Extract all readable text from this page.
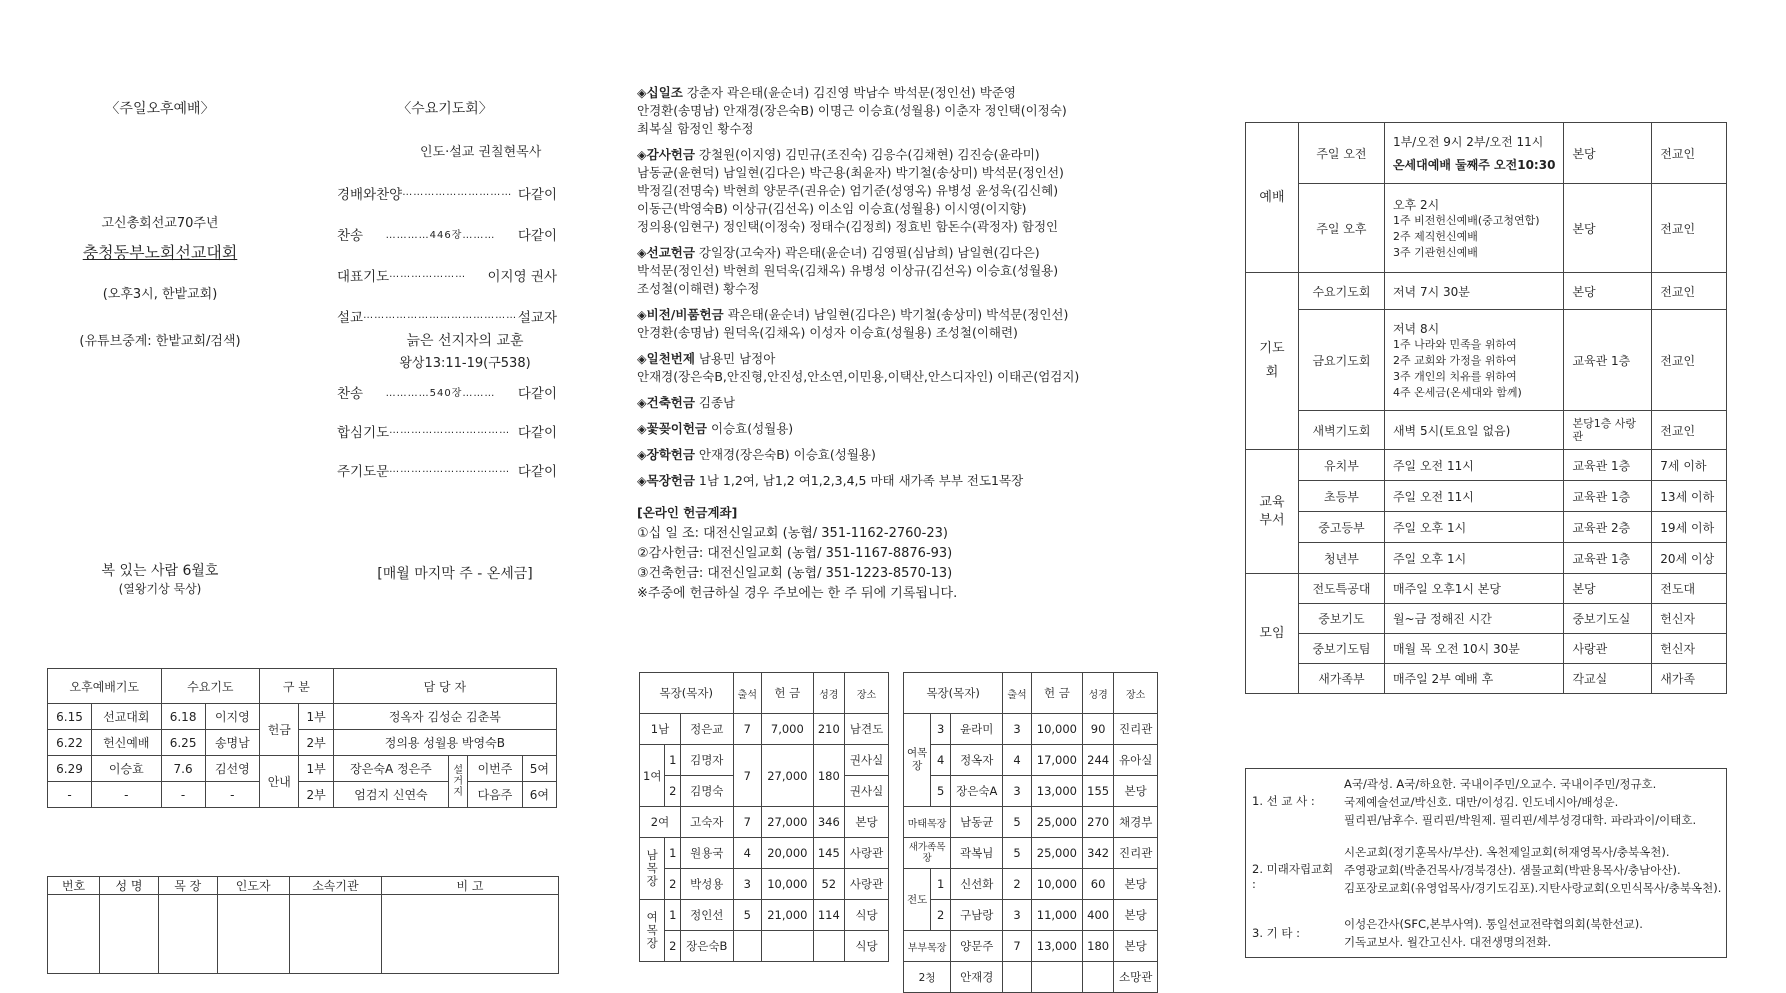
〈주일오후예배〉
고신총회선교70주년
충청동부노회선교대회
(오후3시, 한밭교회)
(유튜브중계: 한밭교회/검색)
복 있는 사람 6월호
(열왕기상 묵상)
〈수요기도회〉
인도·설교 권칠현목사
경배와찬양 ………………………… 다같이
찬송	…………446장………	다같이
대표기도 …………………	이지영 권사
설교 …………………………………… 설교자
늙은 선지자의 교훈
왕상13:11-19(구538)
찬송	…………540장………	다같이
합심기도 …………………………… 다같이
주기도문 …………………………… 다같이
[매월 마지막 주 - 온세금]

◈십일조 강춘자 곽은태(윤순녀) 김진영 박남수 박석문(정인선) 박준영

안경환(송명남) 안재경(장은숙B) 이명근 이승효(성월용) 이춘자 정인택(이정숙)

최복실 함정인 황수정

◈감사헌금 강철원(이지영) 김민규(조진숙) 김응수(김채현) 김진승(윤라미)

남동균(윤현덕) 남일현(김다은) 박근용(최윤자) 박기철(송상미) 박석문(정인선)

박정길(전명숙) 박현희 양문주(권유순) 엄기준(성영옥) 유병성 윤성욱(김신혜)

이동근(박영숙B) 이상규(김선옥) 이소임 이승효(성월용) 이시영(이지향)

정의용(임현구) 정인택(이정숙) 정태수(김정희) 정효빈 함돈수(곽정자) 함정인

◈선교헌금 강일장(고숙자) 곽은태(윤순녀) 김영필(심남희) 남일현(김다은)

박석문(정인선) 박현희 원덕욱(김채옥) 유병성 이상규(김선옥) 이승효(성월용)

조성철(이해련) 황수정

◈비전/비품헌금 곽은태(윤순녀) 남일현(김다은) 박기철(송상미) 박석문(정인선)

안경환(송명남) 원덕욱(김채옥) 이성자 이승효(성월용) 조성철(이해련)

◈일천번제 남용민 남정아

안재경(장은숙B,안진형,안진성,안소연,이민용,이택산,안스디자인) 이태곤(엄검지)

◈건축헌금 김종남

◈꽃꽂이헌금 이승효(성월용)

◈장학헌금 안재경(장은숙B) 이승효(성월용)

◈목장헌금 1남 1,2여, 남1,2 여1,2,3,4,5 마태 새가족 부부 전도1목장

[온라인 헌금계좌]

①십 일 조: 대전신일교회 (농협/ 351-1162-2760-23)

②감사헌금: 대전신일교회 (농협/ 351-1167-8876-93)

③건축헌금: 대전신일교회 (농협/ 351-1223-8570-13)

※주중에 헌금하실 경우 주보에는 한 주 뒤에 기록됩니다.

오후예배기도		수요기도		구 분		담 당 자			
6.15	선교대회	6.18	이지영	헌금	1부	정옥자 김성순 김춘복			
6.22	헌신예배	6.25	송명남		2부	정의용 성월용 박영숙B			
6.29	이승효	7.6	김선영	안내	1부	장은숙A 정은주	설거지	이번주	5여
-	-	-	-		2부	엄검지 신연숙		다음주	6여
번호	성 명	목 장	인도자	소속기관	비 고

목장(목자)			출석	헌 금	성경	장소
1남		정은교	7	7,000	210	남견도
1여	1	김명자	7	27,000	180	권사실
	2	김명숙				권사실
2여		고숙자	7	27,000	346	본당
남목장	1	원용국	4	20,000	145	사랑관
	2	박성용	3	10,000	52	사랑관
여목장	1	정인선	5	21,000	114	식당
	2	장은숙B				식당
목장(목자)			출석	헌 금	성경	장소
여목장	3	윤라미	3	10,000	90	진리관
	4	정옥자	4	17,000	244	유아실
	5	장은숙A	3	13,000	155	본당
마태목장		남동균	5	25,000	270	채경부
새가족목장		곽복님	5	25,000	342	진리관
전도	1	신선화	2	10,000	60	본당
	2	구남랑	3	11,000	400	본당
부부목장		양문주	7	13,000	180	본당
2청		안재경				소망관
예배	주일 오전	1부/오전 9시 2부/오전 11시
온세대예배 둘째주 오전10:30	본당	전교인
	주일 오후	오후 2시
1주 비전헌신예배(중고청연합)
2주 제직헌신예배
3주 기관헌신예배	본당	전교인
기도회	수요기도회	저녁 7시 30분	본당	전교인
	금요기도회	저녁 8시
1주 나라와 민족을 위하여
2주 교회와 가정을 위하여
3주 개인의 치유를 위하여
4주 온세금(온세대와 함께)	교육관 1층	전교인
	새벽기도회	새벽 5시(토요일 없음)	본당1층 사랑관	전교인
교육부서	유치부	주일 오전 11시	교육관 1층	7세 이하
	초등부	주일 오전 11시	교육관 1층	13세 이하
	중고등부	주일 오후 1시	교육관 2층	19세 이하
	청년부	주일 오후 1시	교육관 1층	20세 이상
모임	전도특공대	매주일 오후1시 본당	본당	전도대
	중보기도	월~금 정해진 시간	중보기도실	헌신자
	중보기도팀	매월 목 오전 10시 30분	사랑관	헌신자
	새가족부	매주일 2부 예배 후	각교실	새가족
1. 선 교 사 :
A국/곽성. A국/하요한. 국내이주민/오교수. 국내이주민/정규호.
국제예술선교/박신호. 대만/이성김. 인도네시아/배성운.
필리핀/남후수. 필리핀/박원제. 필리핀/세부성경대학. 파라과이/이태호.
2. 미래자립교회 :
시온교회(정기훈목사/부산). 옥천제일교회(허재영목사/충북옥천).
주영광교회(박춘건목사/경북경산). 샘물교회(박판용목사/충남아산).
김포장로교회(유영업목사/경기도김포).지탄사랑교회(오민식목사/충북옥천).
3. 기 타 :
이성은간사(SFC,본부사역). 통일선교전략협의회(북한선교).
기독교보사. 월간고신사. 대전생명의전화.
